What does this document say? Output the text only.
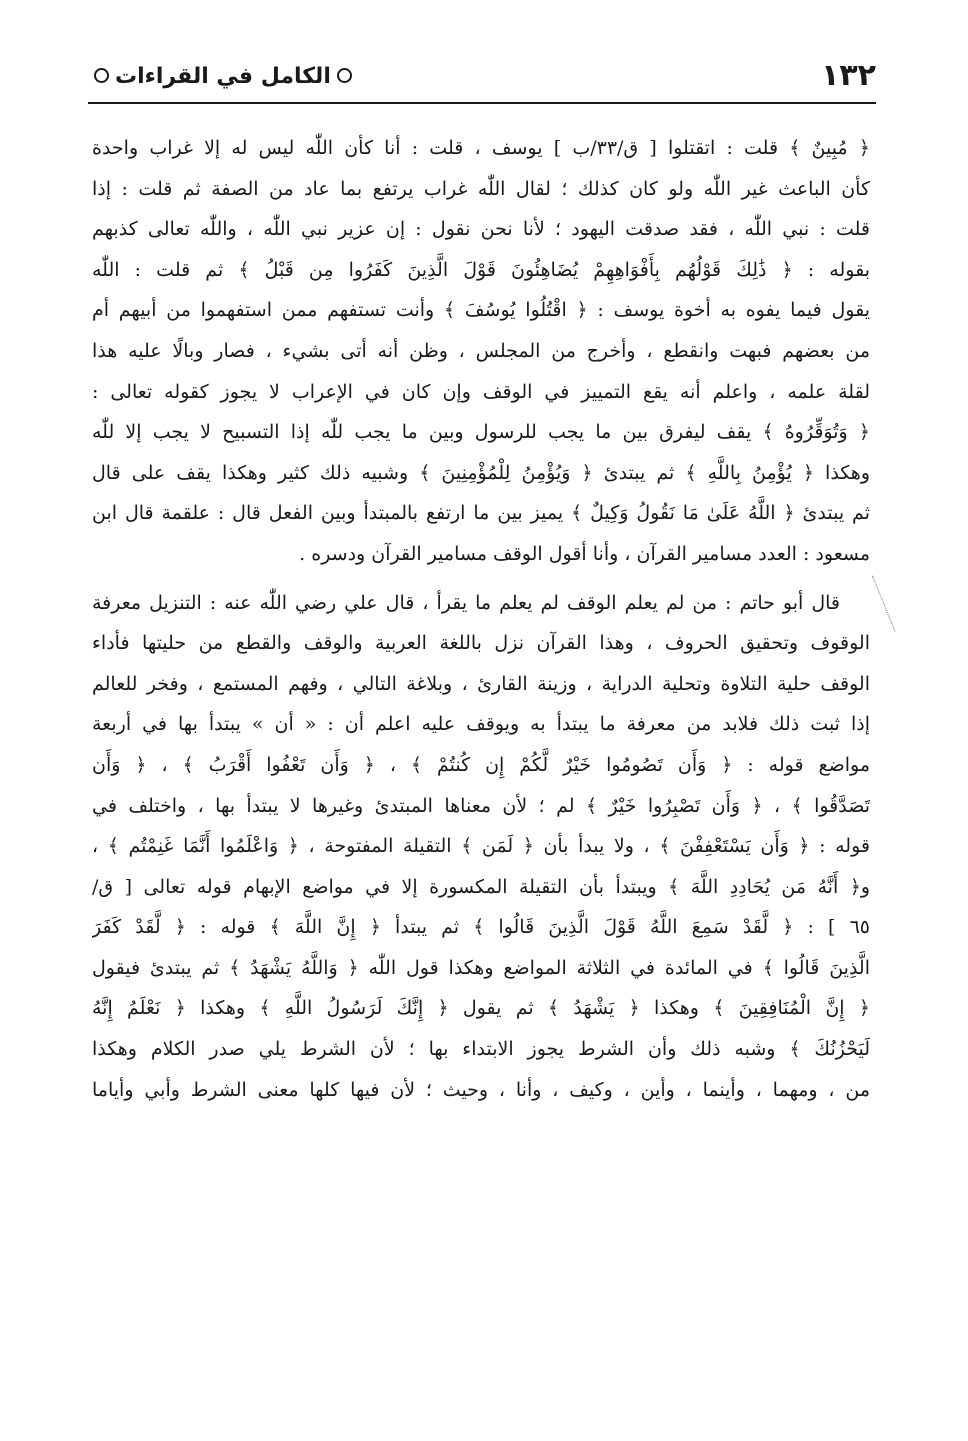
١٣٢
الكامل في القراءات
﴿ مُبِينٌ ﴾ قلت : اتقتلوا [ ق/٣٣/ب ] يوسف ، قلت : أنا كأن اللّٰه ليس له إلا غراب واحدة
كأن الباعث غير اللّٰه ولو كان كذلك ؛ لقال اللّٰه غراب يرتفع بما عاد من الصفة ثم قلت : إذا
قلت : نبي اللّٰه ، فقد صدقت اليهود ؛ لأنا نحن نقول : إن عزير نبي اللّٰه ، واللّٰه تعالى كذبهم
بقوله : ﴿ ذَٰلِكَ قَوْلُهُم بِأَفْوَاهِهِمْ يُضَاهِئُونَ قَوْلَ الَّذِينَ كَفَرُوا مِن قَبْلُ ﴾ ثم قلت : اللّٰه
يقول فيما يفوه به أخوة يوسف : ﴿ اقْتُلُوا يُوسُفَ ﴾ وأنت تستفهم ممن استفهموا من أبيهم أم
من بعضهم فبهت وانقطع ، وأخرج من المجلس ، وظن أنه أتى بشيء ، فصار وبالًا عليه هذا
لقلة علمه ، واعلم أنه يقع التمييز في الوقف وإن كان في الإعراب لا يجوز كقوله تعالى :
﴿ وَتُوَقِّرُوهُ ﴾ يقف ليفرق بين ما يجب للرسول وبين ما يجب للّٰه إذا التسبيح لا يجب إلا للّٰه
وهكذا ﴿ يُؤْمِنُ بِاللَّهِ ﴾ ثم يبتدئ ﴿ وَيُؤْمِنُ لِلْمُؤْمِنِينَ ﴾ وشبيه ذلك كثير وهكذا يقف على قال
ثم يبتدئ ﴿ اللَّهُ عَلَىٰ مَا نَقُولُ وَكِيلٌ ﴾ يميز بين ما ارتفع بالمبتدأ وبين الفعل قال : علقمة قال ابن
مسعود : العدد مسامير القرآن ، وأنا أقول الوقف مسامير القرآن ودسره .
قال أبو حاتم : من لم يعلم الوقف لم يعلم ما يقرأ ، قال علي رضي اللّٰه عنه : التنزيل معرفة
الوقوف وتحقيق الحروف ، وهذا القرآن نزل باللغة العربية والوقف والقطع من حليتها فأداء
الوقف حلية التلاوة وتحلية الدراية ، وزينة القارئ ، وبلاغة التالي ، وفهم المستمع ، وفخر للعالم
إذا ثبت ذلك فلابد من معرفة ما يبتدأ به ويوقف عليه اعلم أن : « أن » يبتدأ بها في أربعة
مواضع قوله : ﴿ وَأَن تَصُومُوا خَيْرٌ لَّكُمْ إِن كُنتُمْ ﴾ ، ﴿ وَأَن تَعْفُوا أَقْرَبُ ﴾ ، ﴿ وَأَن
تَصَدَّقُوا ﴾ ، ﴿ وَأَن تَصْبِرُوا خَيْرٌ ﴾ لم ؛ لأن معناها المبتدئ وغيرها لا يبتدأ بها ، واختلف في
قوله : ﴿ وَأَن يَسْتَعْفِفْنَ ﴾ ، ولا يبدأ بأن ﴿ لَمَن ﴾ التقيلة المفتوحة ، ﴿ وَاعْلَمُوا أَنَّمَا غَنِمْتُم ﴾ ،
و﴿ أَنَّهُ مَن يُحَادِدِ اللَّهَ ﴾ ويبتدأ بأن التقيلة المكسورة إلا في مواضع الإبهام قوله تعالى [ ق/
٦٥ ] : ﴿ لَّقَدْ سَمِعَ اللَّهُ قَوْلَ الَّذِينَ قَالُوا ﴾ ثم يبتدأ ﴿ إِنَّ اللَّهَ ﴾ قوله : ﴿ لَّقَدْ كَفَرَ
الَّذِينَ قَالُوا ﴾ في المائدة في الثلاثة المواضع وهكذا قول اللّٰه ﴿ وَاللَّهُ يَشْهَدُ ﴾ ثم يبتدئ فيقول
﴿ إِنَّ الْمُنَافِقِينَ ﴾ وهكذا ﴿ يَشْهَدُ ﴾ ثم يقول ﴿ إِنَّكَ لَرَسُولُ اللَّهِ ﴾ وهكذا ﴿ نَعْلَمُ إِنَّهُ
لَيَحْزُنُكَ ﴾ وشبه ذلك وأن الشرط يجوز الابتداء بها ؛ لأن الشرط يلي صدر الكلام وهكذا
من ، ومهما ، وأينما ، وأين ، وكيف ، وأنا ، وحيث ؛ لأن فيها كلها معنى الشرط وأبي وأياما
